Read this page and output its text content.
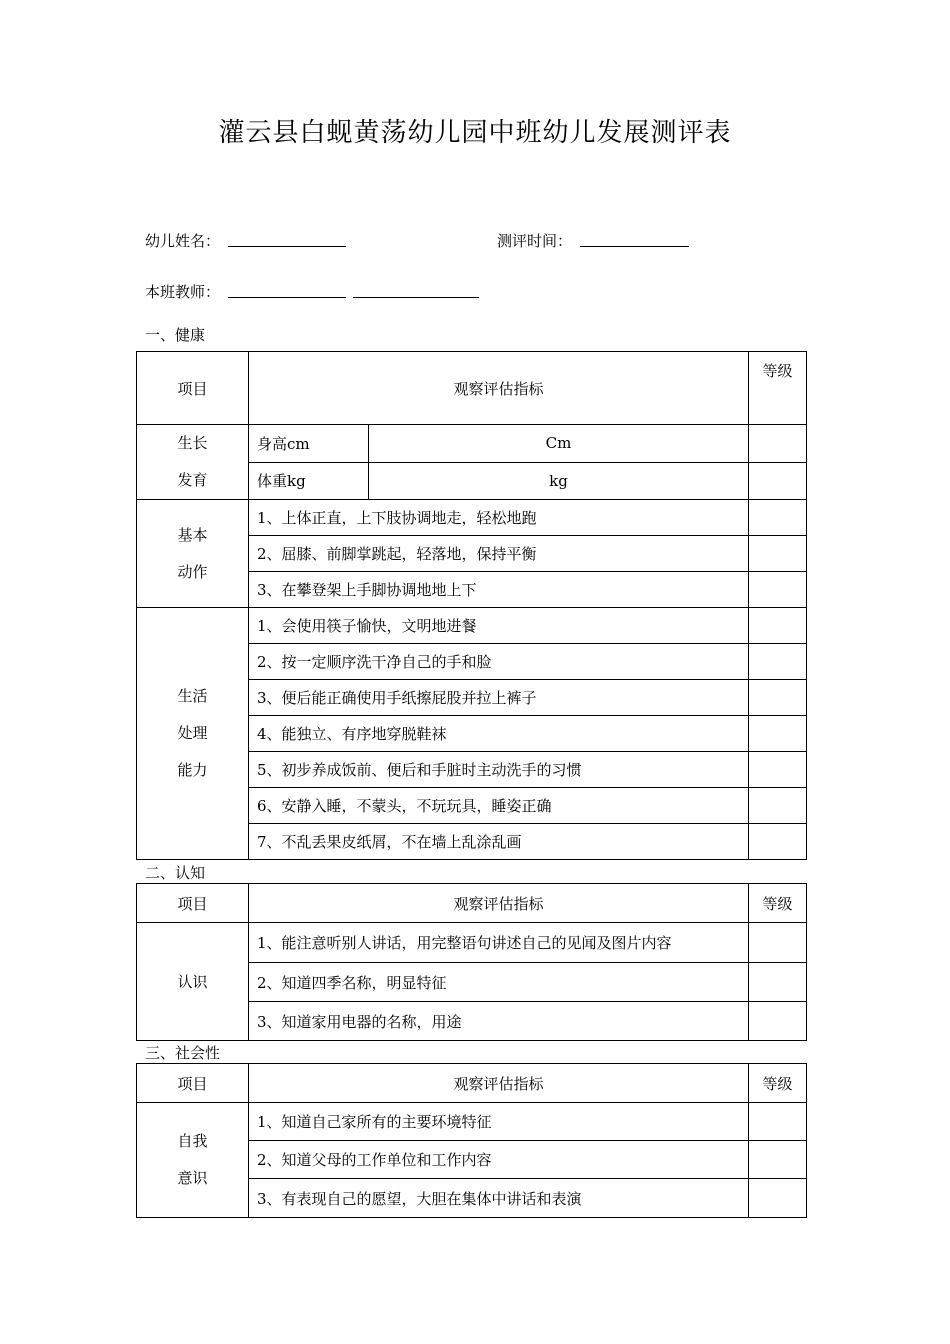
灌云县白蚬黄荡幼儿园中班幼儿发展测评表
幼儿姓名：	测评时间：
本班教师：
一、健康
项目	观察评估指标		等级

生长
发育	身高cm	Cm	
	体重kg	kg	

基本
动作	1、上体正直，上下肢协调地走，轻松地跑		
	2、屈膝、前脚掌跳起，轻落地，保持平衡		
	3、在攀登架上手脚协调地地上下		

生活
处理
能力	1、会使用筷子愉快，文明地进餐		
	2、按一定顺序洗干净自己的手和脸		
	3、便后能正确使用手纸擦屁股并拉上裤子		
	4、能独立、有序地穿脱鞋袜		
	5、初步养成饭前、便后和手脏时主动洗手的习惯		
	6、安静入睡，不蒙头，不玩玩具，睡姿正确		
	7、不乱丢果皮纸屑，不在墙上乱涂乱画		
二、认知
项目	观察评估指标	等级
认识	1、能注意听别人讲话，用完整语句讲述自己的见闻及图片内容	
	2、知道四季名称，明显特征	
	3、知道家用电器的名称，用途	
三、社会性
项目	观察评估指标	等级

自我
意识	1、知道自己家所有的主要环境特征	
	2、知道父母的工作单位和工作内容	
	3、有表现自己的愿望，大胆在集体中讲话和表演	
